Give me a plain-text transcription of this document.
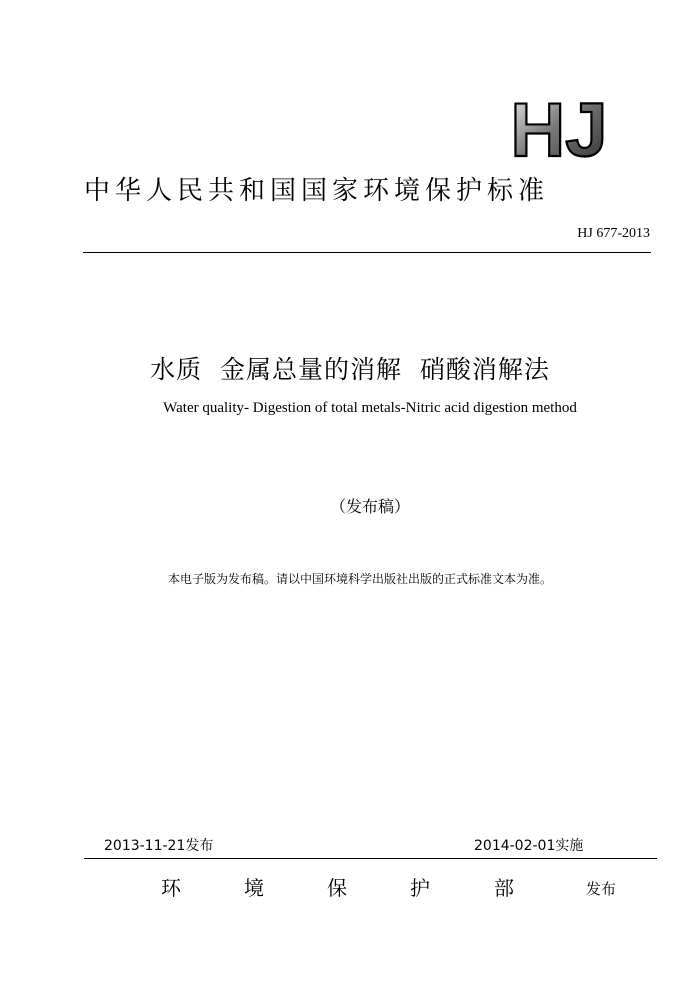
HJ
中华人民共和国国家环境保护标准
HJ 677-2013
水质  金属总量的消解  硝酸消解法
Water quality- Digestion of total metals-Nitric acid digestion method
（发布稿）
本电子版为发布稿。请以中国环境科学出版社出版的正式标准文本为准。
2013-11-21发布	2014-02-01实施
环	境	保	护	部	发布
